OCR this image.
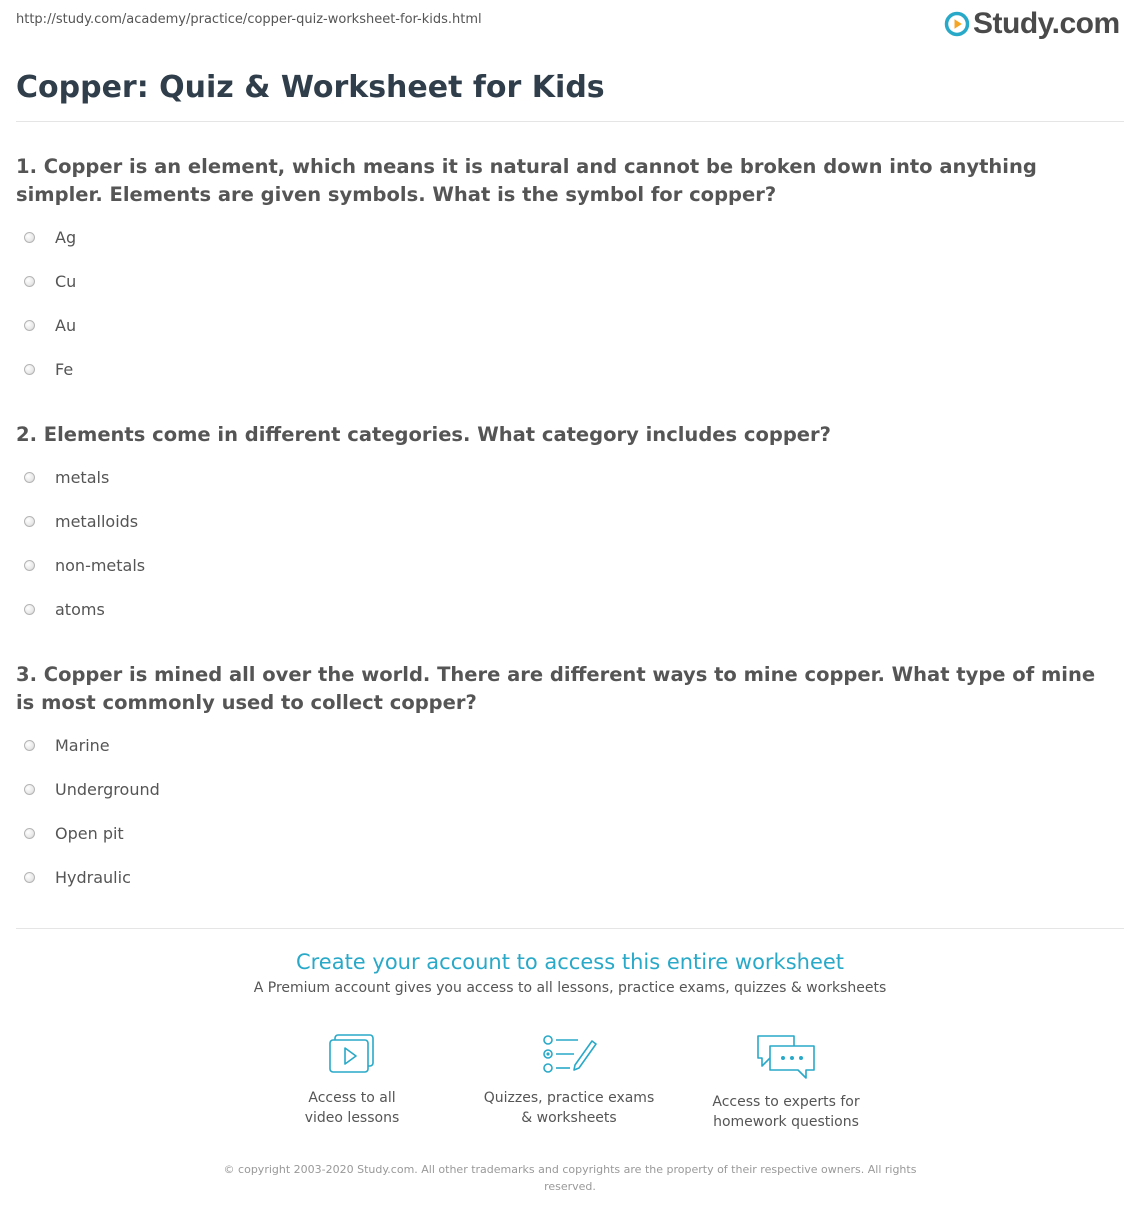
http://study.com/academy/practice/copper-quiz-worksheet-for-kids.html	Study.com
Copper: Quiz & Worksheet for Kids

1. Copper is an element, which means it is natural and cannot be broken down into anything simpler. Elements are given symbols. What is the symbol for copper?

Ag
Cu
Au
Fe

2. Elements come in different categories. What category includes copper?

metals
metalloids
non-metals
atoms

3. Copper is mined all over the world. There are different ways to mine copper. What type of mine is most commonly used to collect copper?

Marine
Underground
Open pit
Hydraulic
Create your account to access this entire worksheet
A Premium account gives you access to all lessons, practice exams, quizzes & worksheets
Access to all
video lessons
Quizzes, practice exams
& worksheets
Access to experts for
homework questions
© copyright 2003-2020 Study.com. All other trademarks and copyrights are the property of their respective owners. All rights reserved.
